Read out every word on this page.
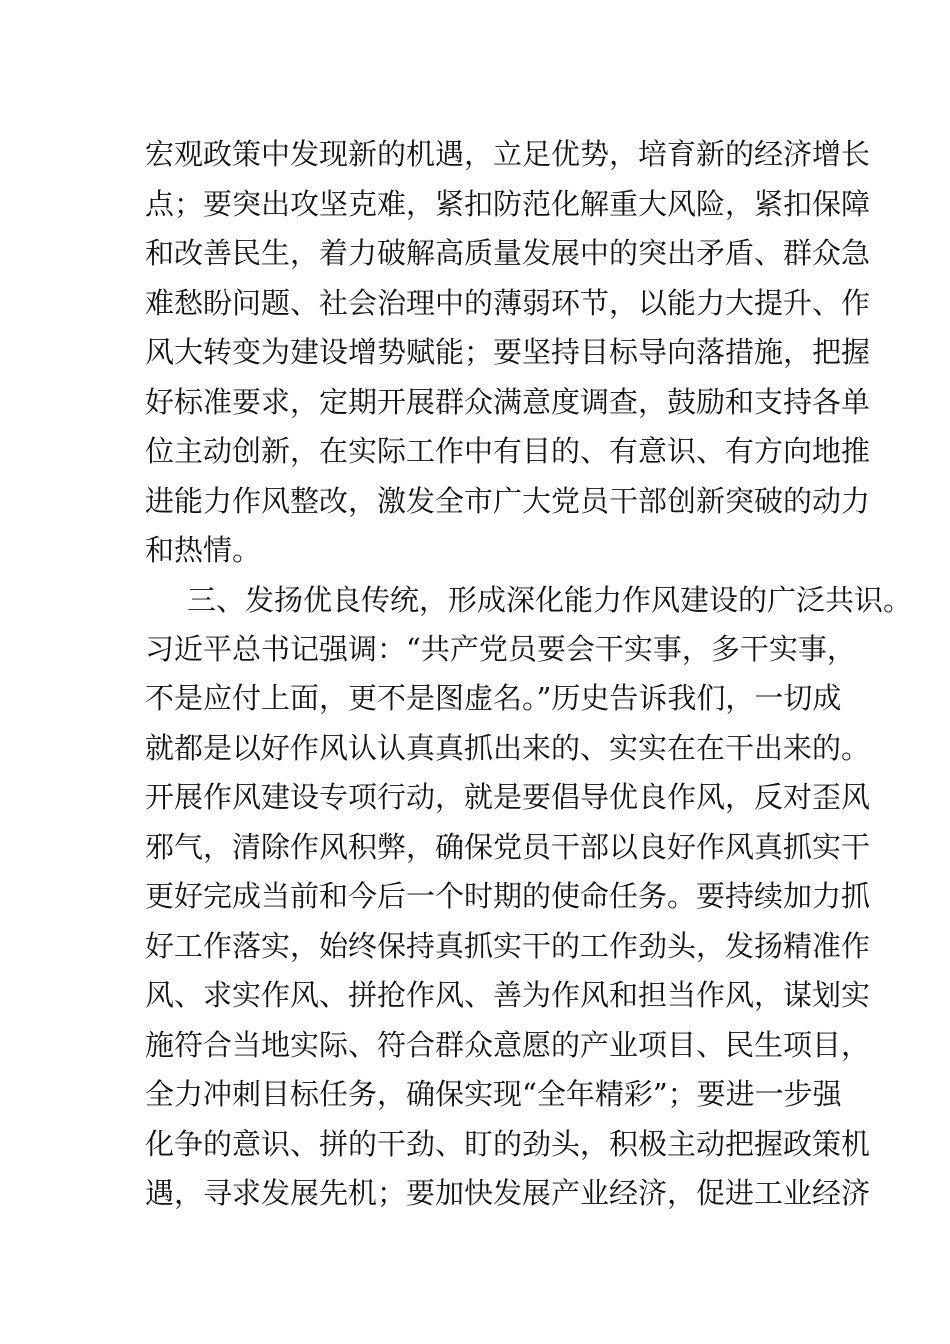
宏观政策中发现新的机遇，立足优势，培育新的经济增长
点；要突出攻坚克难，紧扣防范化解重大风险，紧扣保障
和改善民生，着力破解高质量发展中的突出矛盾、群众急
难愁盼问题、社会治理中的薄弱环节，以能力大提升、作
风大转变为建设增势赋能；要坚持目标导向落措施，把握
好标准要求，定期开展群众满意度调查，鼓励和支持各单
位主动创新，在实际工作中有目的、有意识、有方向地推
进能力作风整改，激发全市广大党员干部创新突破的动力
和热情。
三、发扬优良传统，形成深化能力作风建设的广泛共识。
习近平总书记强调：“共产党员要会干实事，多干实事，
不是应付上面，更不是图虚名。”历史告诉我们，一切成
就都是以好作风认认真真抓出来的、实实在在干出来的。
开展作风建设专项行动，就是要倡导优良作风，反对歪风
邪气，清除作风积弊，确保党员干部以良好作风真抓实干
更好完成当前和今后一个时期的使命任务。要持续加力抓
好工作落实，始终保持真抓实干的工作劲头，发扬精准作
风、求实作风、拼抢作风、善为作风和担当作风，谋划实
施符合当地实际、符合群众意愿的产业项目、民生项目，
全力冲刺目标任务，确保实现“全年精彩”；要进一步强
化争的意识、拼的干劲、盯的劲头，积极主动把握政策机
遇，寻求发展先机；要加快发展产业经济，促进工业经济
